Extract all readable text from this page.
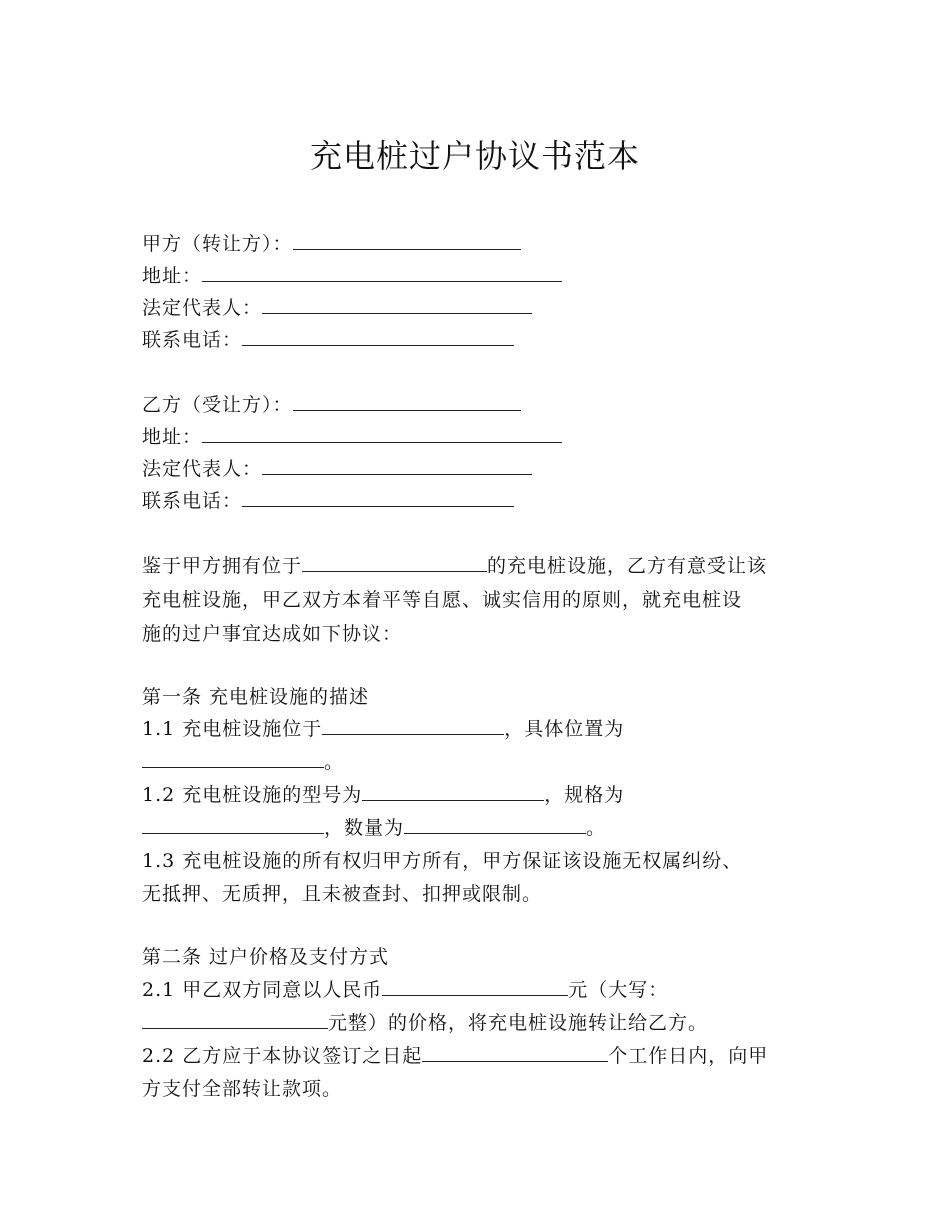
充电桩过户协议书范本
甲方（转让方）：
地址：
法定代表人：
联系电话：
乙方（受让方）：
地址：
法定代表人：
联系电话：
鉴于甲方拥有位于	的充电桩设施，乙方有意受让该
充电桩设施，甲乙双方本着平等自愿、诚实信用的原则，就充电桩设
施的过户事宜达成如下协议：
第一条 充电桩设施的描述
1.1 充电桩设施位于	，具体位置为
。
1.2 充电桩设施的型号为	，规格为
，数量为	。
1.3 充电桩设施的所有权归甲方所有，甲方保证该设施无权属纠纷、
无抵押、无质押，且未被查封、扣押或限制。
第二条 过户价格及支付方式
2.1 甲乙双方同意以人民币	元（大写：
元整）的价格，将充电桩设施转让给乙方。
2.2 乙方应于本协议签订之日起	个工作日内，向甲
方支付全部转让款项。
